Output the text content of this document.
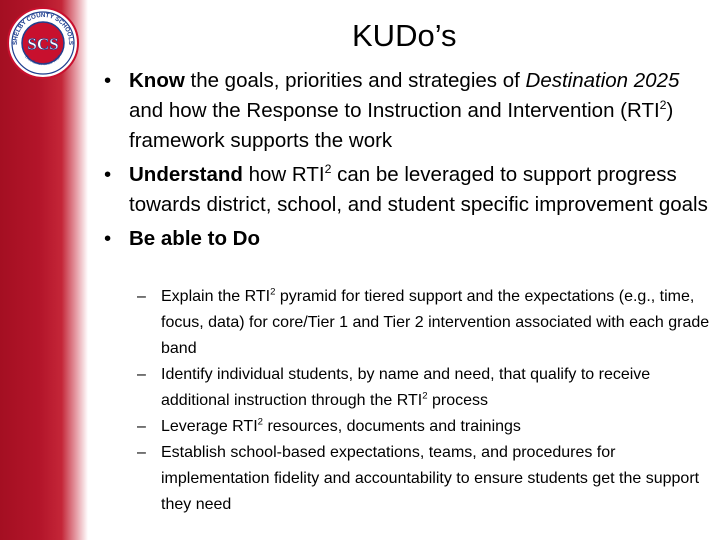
SHELBY COUNTY SCHOOLS
Excellence since 1867
SCS	KUDo’s
• Know the goals, priorities and strategies of Destination 2025 and how the Response to Instruction and Intervention (RTI$^2$) framework supports the work
• Understand how RTI$^2$ can be leveraged to support progress towards district, school, and student specific improvement goals
• Be able to Do
– Explain the RTI$^2$ pyramid for tiered support and the expectations (e.g., time, focus, data) for core/Tier 1 and Tier 2 intervention associated with each grade band
– Identify individual students, by name and need, that qualify to receive additional instruction through the RTI$^2$ process
– Leverage RTI$^2$ resources, documents and trainings
– Establish school-based expectations, teams, and procedures for implementation fidelity and accountability to ensure students get the support they need
